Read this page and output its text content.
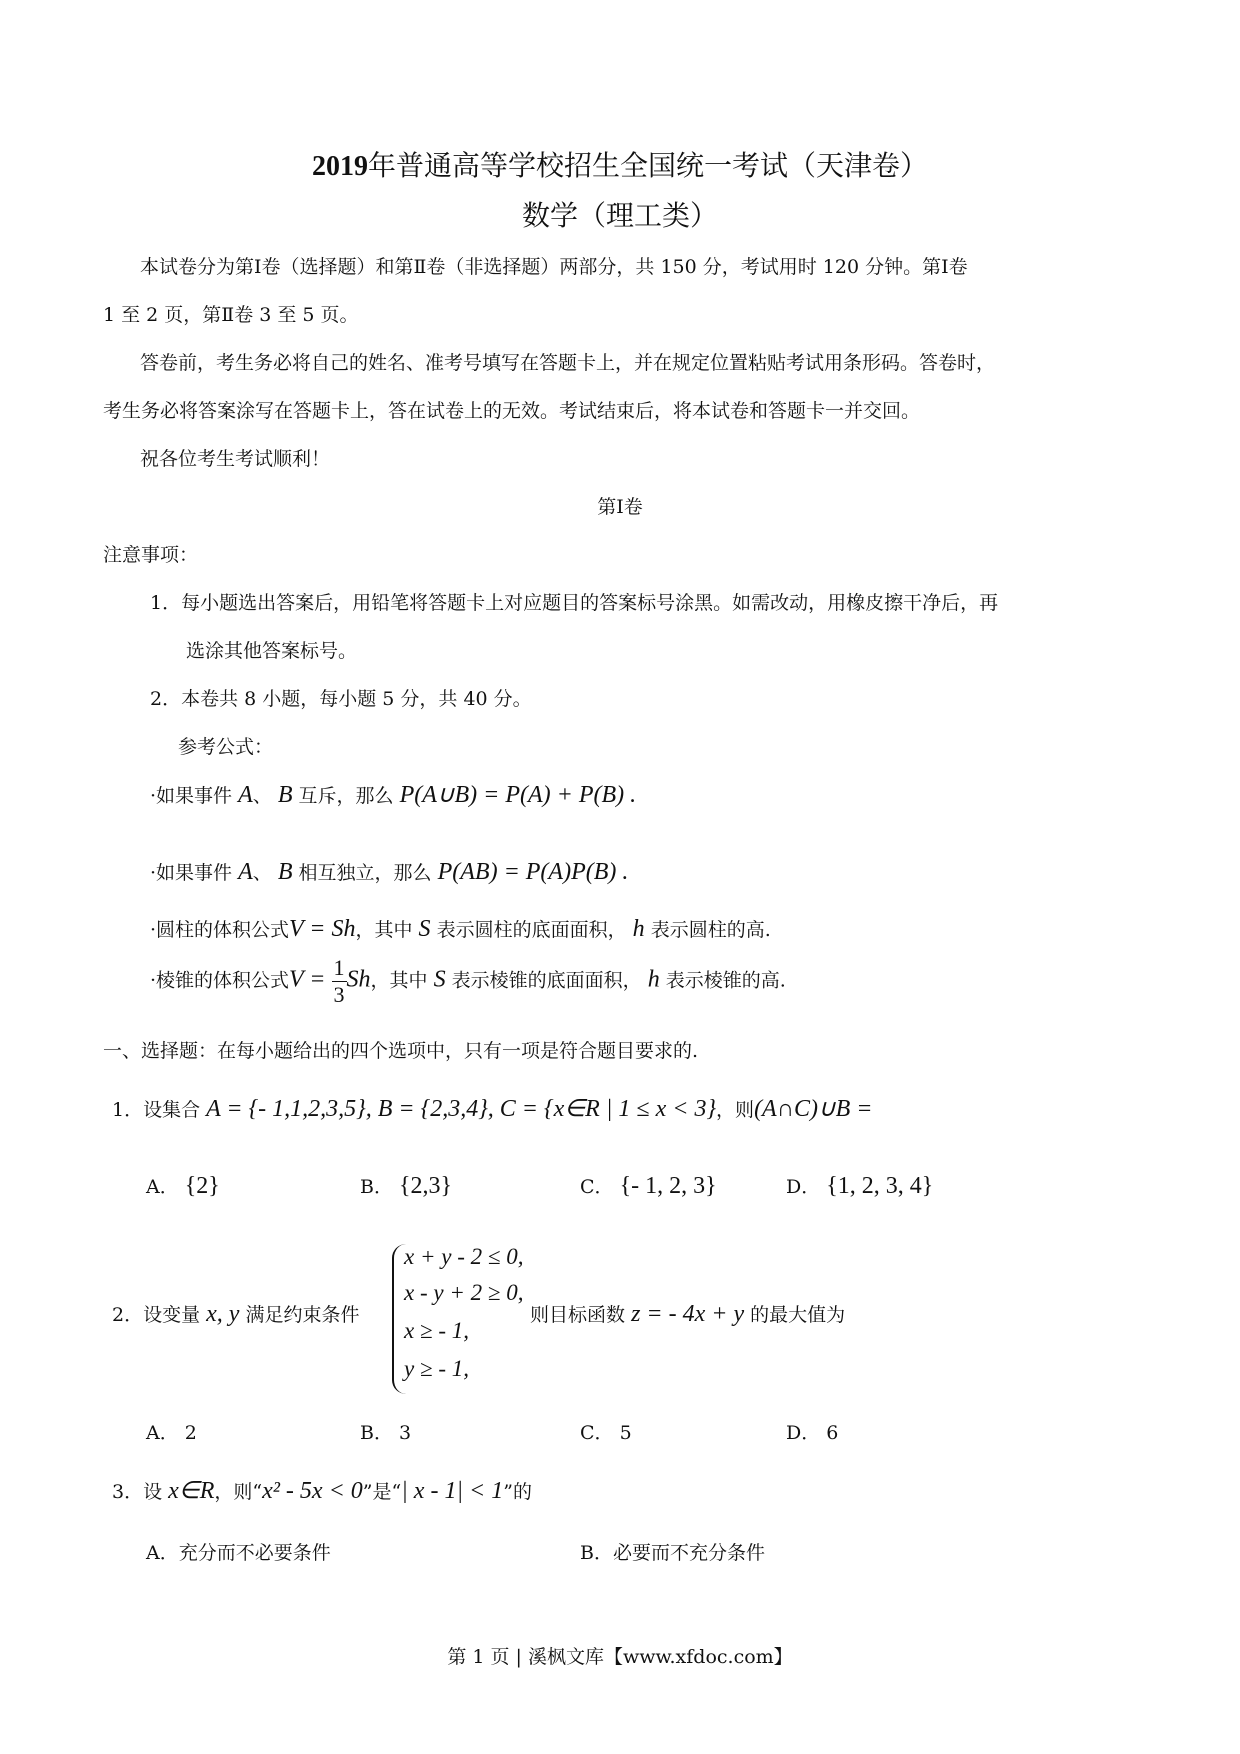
2019年普通高等学校招生全国统一考试（天津卷）
数学（理工类）
本试卷分为第Ⅰ卷（选择题）和第Ⅱ卷（非选择题）两部分，共 150 分，考试用时 120 分钟。第Ⅰ卷
1 至 2 页，第Ⅱ卷 3 至 5 页。
答卷前，考生务必将自己的姓名、准考号填写在答题卡上，并在规定位置粘贴考试用条形码。答卷时，
考生务必将答案涂写在答题卡上，答在试卷上的无效。考试结束后，将本试卷和答题卡一并交回。
祝各位考生考试顺利！
第Ⅰ卷
注意事项：
1．每小题选出答案后，用铅笔将答题卡上对应题目的答案标号涂黑。如需改动，用橡皮擦干净后，再
选涂其他答案标号。
2．本卷共 8 小题，每小题 5 分，共 40 分。
参考公式：
·如果事件 A、 B 互斥，那么 P(A∪B) = P(A) + P(B) .
·如果事件 A、 B 相互独立，那么 P(AB) = P(A)P(B) .
·圆柱的体积公式V = Sh，其中 S 表示圆柱的底面面积， h 表示圆柱的高.
·棱锥的体积公式$V = \frac{1}{3}$ Sh，其中 S 表示棱锥的底面面积， h 表示棱锥的高.
一、选择题：在每小题给出的四个选项中，只有一项是符合题目要求的.
1．设集合 A = {- 1,1,2,3,5}, B = {2,3,4}, C = {x∈R | 1 ≤ x < 3}，则(A∩C)∪B =
A． {2}	B． {2,3}	C． {- 1, 2, 3}	D． {1, 2, 3, 4}
2．设变量 x, y 满足约束条件
x + y - 2 ≤ 0,
x - y + 2 ≥ 0,
x ≥ - 1,
y ≥ - 1,
则目标函数 z = - 4x + y 的最大值为
A． 2	B． 3	C． 5	D． 6
3．设 x∈R，则“x² - 5x < 0”是“| x - 1| < 1”的
A．充分而不必要条件	B．必要而不充分条件
第 1 页 | 溪枫文库【www.xfdoc.com】
